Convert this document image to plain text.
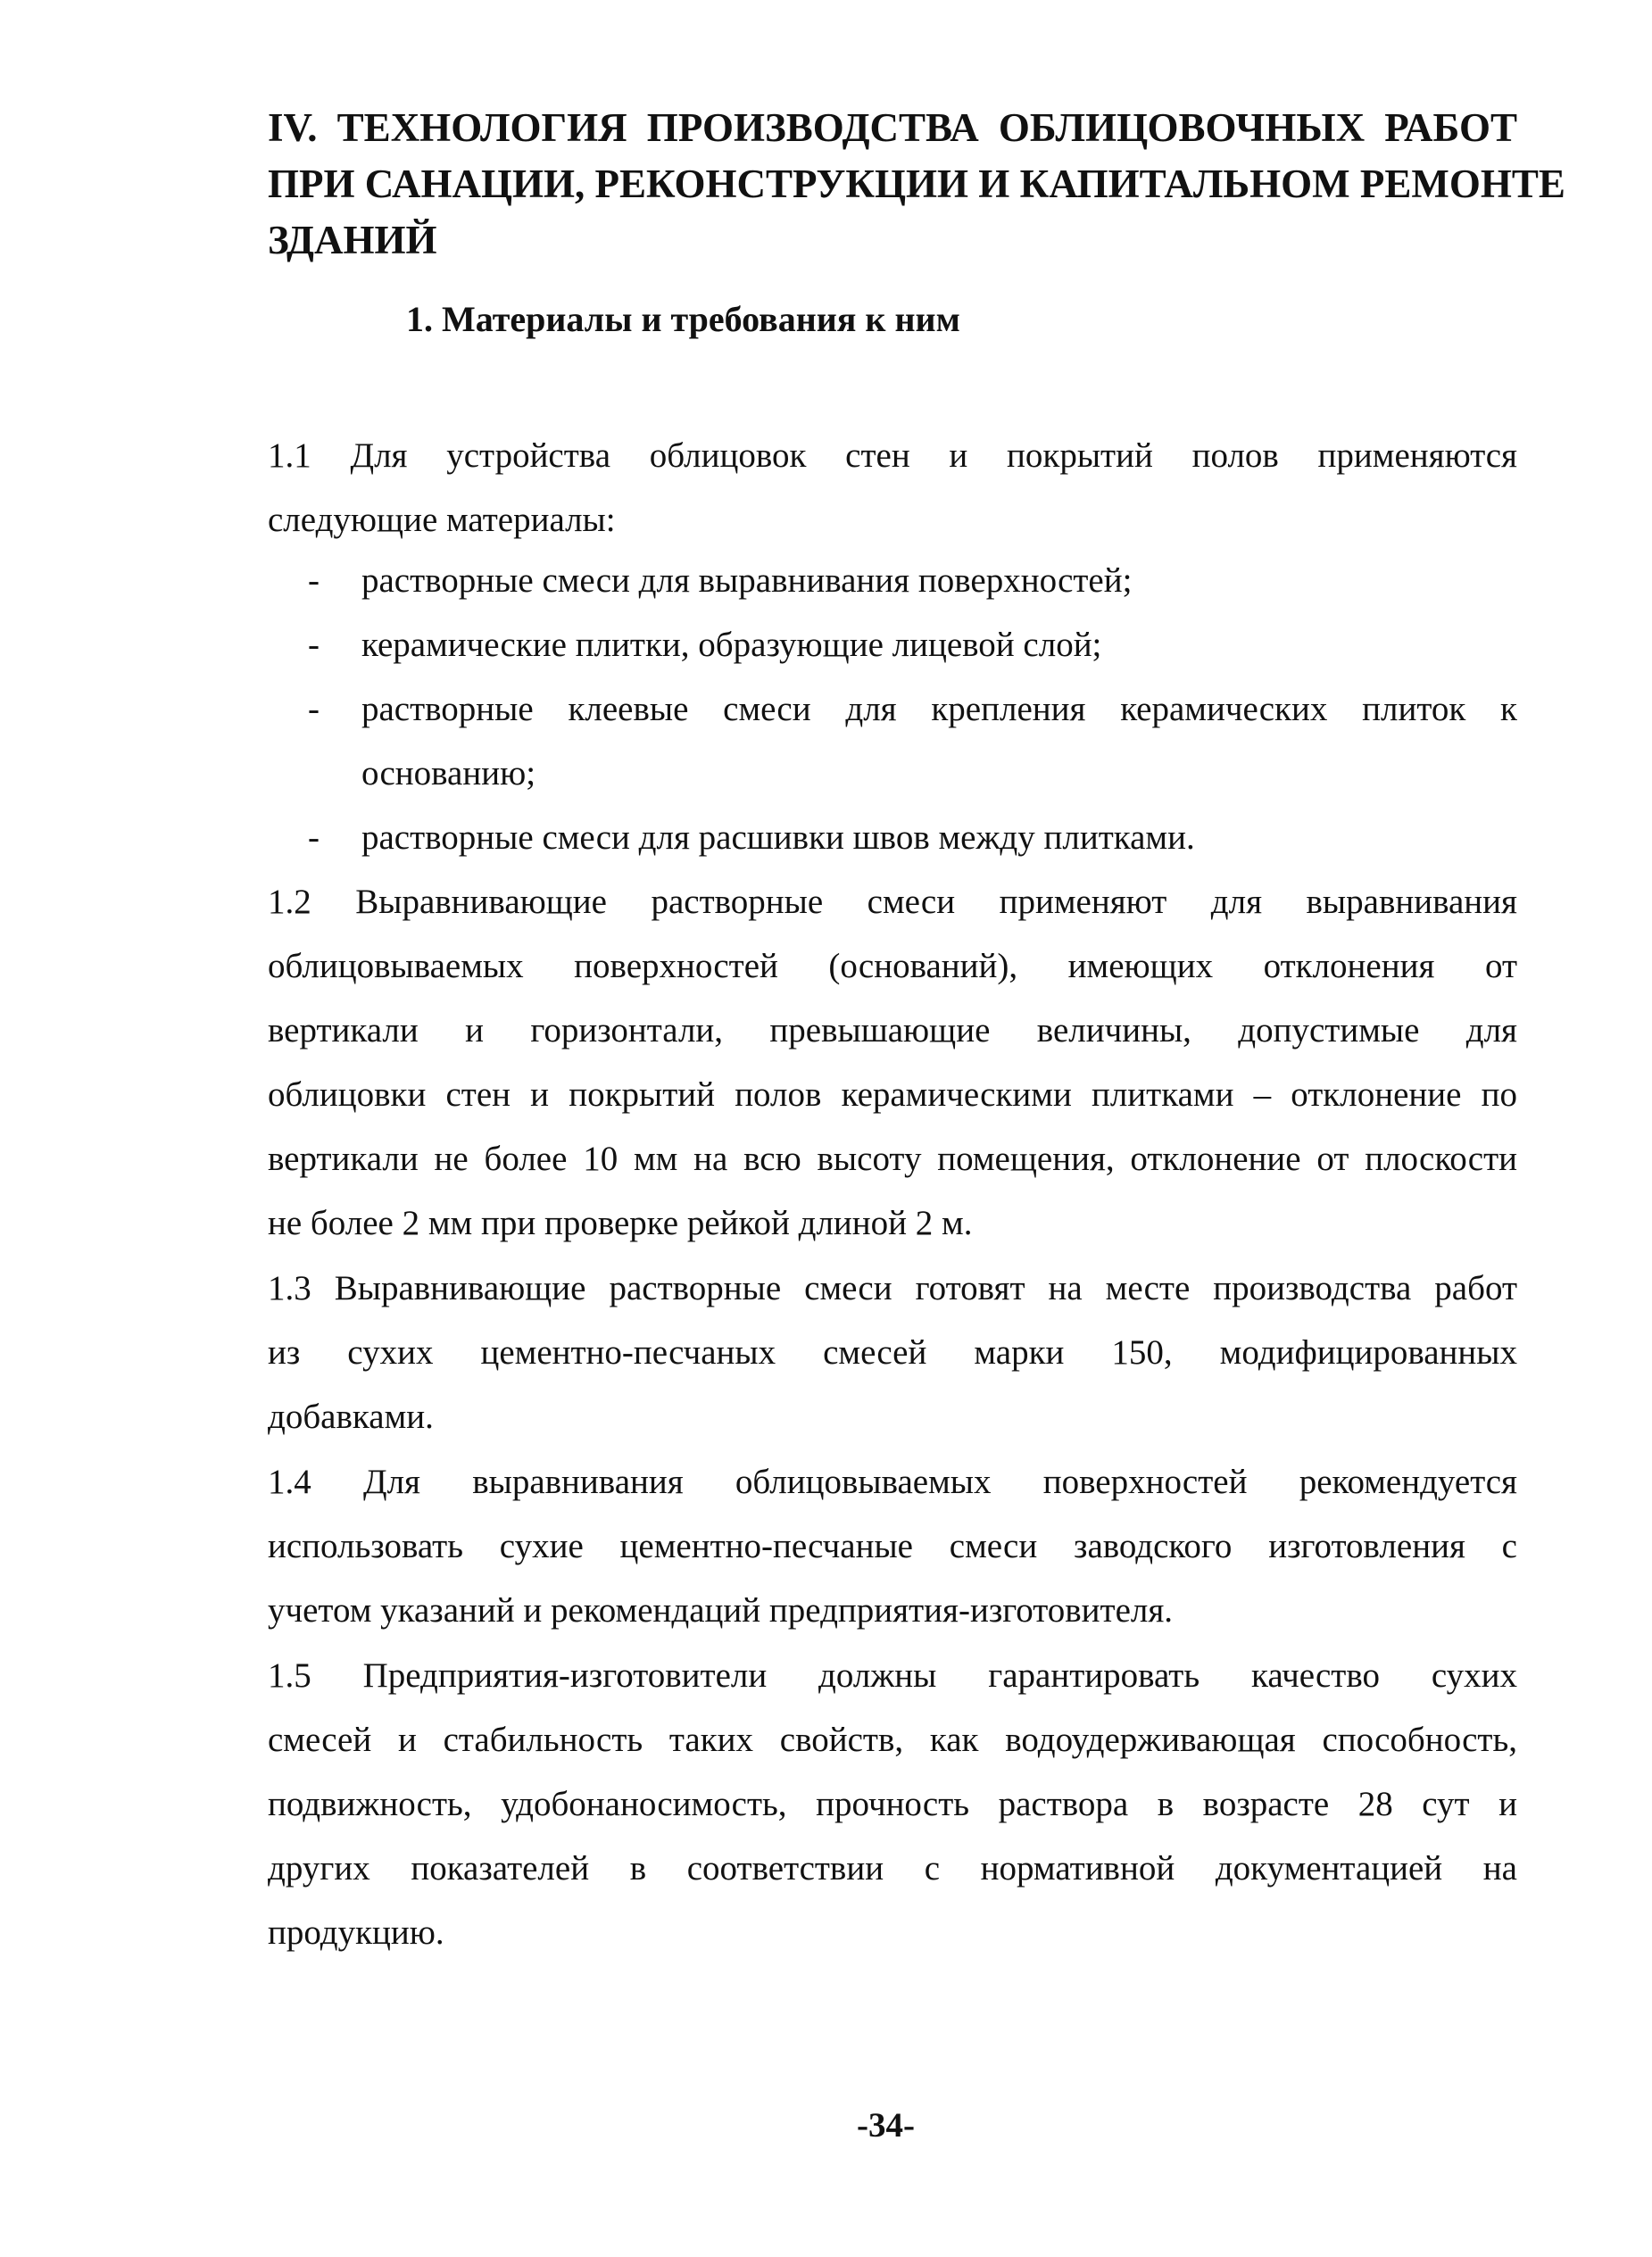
IV. ТЕХНОЛОГИЯ ПРОИЗВОДСТВА ОБЛИЦОВОЧНЫХ РАБОТ
ПРИ САНАЦИИ, РЕКОНСТРУКЦИИ И КАПИТАЛЬНОМ РЕМОНТЕ
ЗДАНИЙ
1. Материалы и требования к ним
1.1 Для устройства облицовок стен и покрытий полов применяются
следующие материалы:
-	растворные смеси для выравнивания поверхностей;
-	керамические плитки, образующие лицевой слой;
-	растворные клеевые смеси для крепления керамических плиток к
основанию;
-	растворные смеси для расшивки швов между плитками.
1.2 Выравнивающие растворные смеси применяют для выравнивания
облицовываемых поверхностей (оснований), имеющих отклонения от
вертикали и горизонтали, превышающие величины, допустимые для
облицовки стен и покрытий полов керамическими плитками – отклонение по
вертикали не более 10 мм на всю высоту помещения, отклонение от плоскости
не более 2 мм при проверке рейкой длиной 2 м.
1.3 Выравнивающие растворные смеси готовят на месте производства работ
из сухих цементно-песчаных смесей марки 150, модифицированных
добавками.
1.4 Для выравнивания облицовываемых поверхностей рекомендуется
использовать сухие цементно-песчаные смеси заводского изготовления с
учетом указаний и рекомендаций предприятия-изготовителя.
1.5 Предприятия-изготовители должны гарантировать качество сухих
смесей и стабильность таких свойств, как водоудерживающая способность,
подвижность, удобонаносимость, прочность раствора в возрасте 28 сут и
других показателей в соответствии с нормативной документацией на
продукцию.
-34-
